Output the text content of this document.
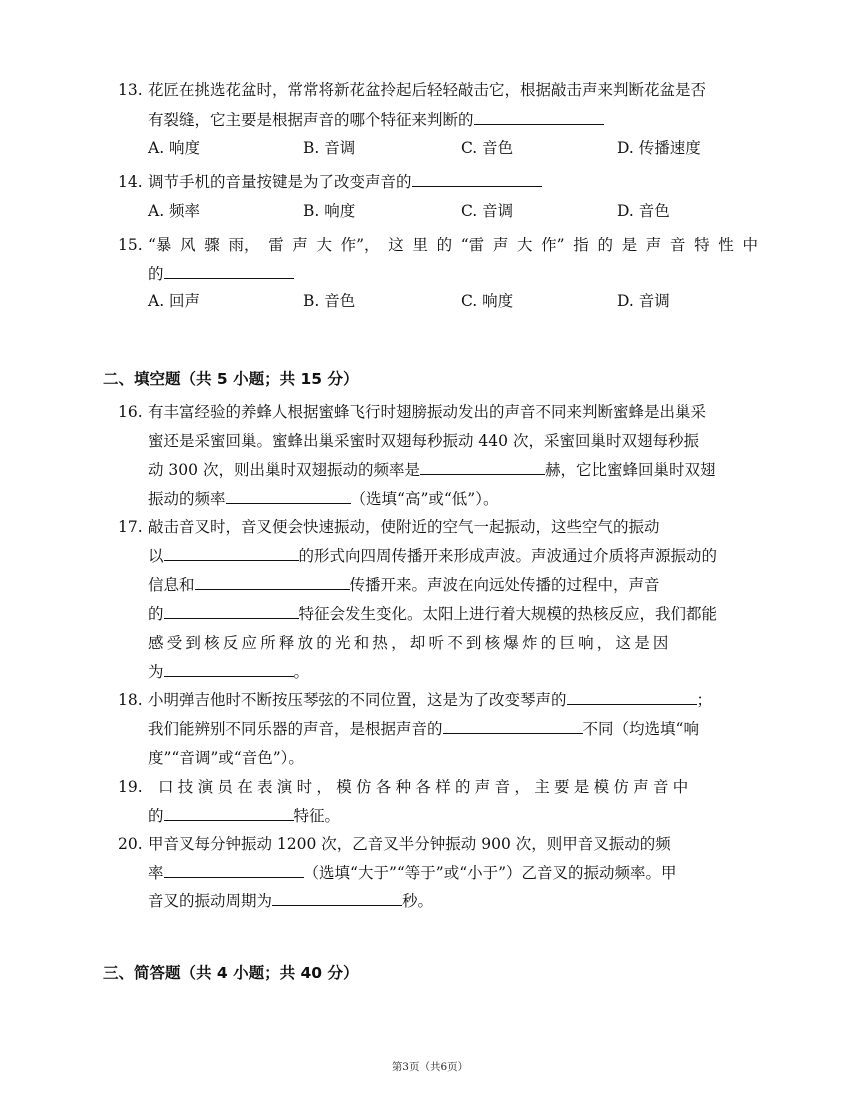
13. 花匠在挑选花盆时，常常将新花盆拎起后轻轻敲击它，根据敲击声来判断花盆是否
有裂缝，它主要是根据声音的哪个特征来判断的
A. 响度	B. 音调	C. 音色	D. 传播速度
14. 调节手机的音量按键是为了改变声音的
A. 频率	B. 响度	C. 音调	D. 音色
15. “暴 风 骤 雨， 雷 声 大 作”， 这 里 的 “雷 声 大 作” 指 的 是 声 音 特 性 中
的
A. 回声	B. 音色	C. 响度	D. 音调
二、填空题（共 5 小题；共 15 分）
16. 有丰富经验的养蜂人根据蜜蜂飞行时翅膀振动发出的声音不同来判断蜜蜂是出巢采
蜜还是采蜜回巢。蜜蜂出巢采蜜时双翅每秒振动 440 次，采蜜回巢时双翅每秒振
动 300 次，则出巢时双翅振动的频率是	赫，它比蜜蜂回巢时双翅
振动的频率	（选填“高”或“低”）。
17. 敲击音叉时，音叉便会快速振动，使附近的空气一起振动，这些空气的振动
以	的形式向四周传播开来形成声波。声波通过介质将声源振动的
信息和	传播开来。声波在向远处传播的过程中，声音
的	特征会发生变化。太阳上进行着大规模的热核反应，我们都能
感受到核反应所释放的光和热，却听不到核爆炸的巨响，这是因
为	。
18. 小明弹吉他时不断按压琴弦的不同位置，这是为了改变琴声的	；
我们能辨别不同乐器的声音，是根据声音的	不同（均选填“响
度”“音调”或“音色”）。
19. 口技演员在表演时，模仿各种各样的声音，主要是模仿声音中
的	特征。
20. 甲音叉每分钟振动 1200 次，乙音叉半分钟振动 900 次，则甲音叉振动的频
率	（选填“大于”“等于”或“小于”）乙音叉的振动频率。甲
音叉的振动周期为	秒。
三、简答题（共 4 小题；共 40 分）
第3页（共6页）
